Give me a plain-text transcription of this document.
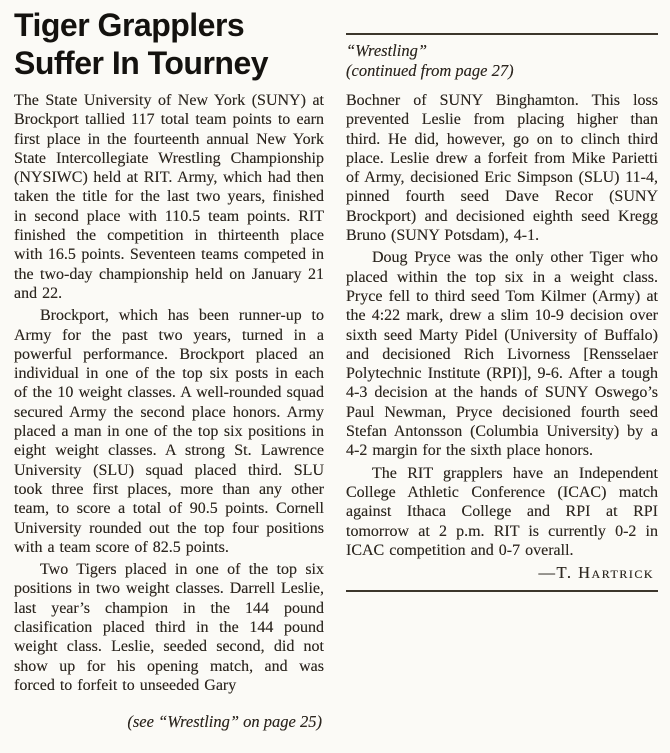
Tiger Grapplers
Suffer In Tourney

The State University of New York (SUNY) at Brockport tallied 117 total team points to earn first place in the fourteenth annual New York State Intercollegiate Wrestling Championship (NYSIWC) held at RIT. Army, which had then taken the title for the last two years, finished in second place with 110.5 team points. RIT finished the competition in thirteenth place with 16.5 points. Seventeen teams competed in the two-day championship held on January 21 and 22.

Brockport, which has been runner-up to Army for the past two years, turned in a powerful performance. Brockport placed an individual in one of the top six posts in each of the 10 weight classes. A well-rounded squad secured Army the second place honors. Army placed a man in one of the top six positions in eight weight classes. A strong St. Lawrence University (SLU) squad placed third. SLU took three first places, more than any other team, to score a total of 90.5 points. Cornell University rounded out the top four positions with a team score of 82.5 points.

Two Tigers placed in one of the top six positions in two weight classes. Darrell Leslie, last year’s champion in the 144 pound clasification placed third in the 144 pound weight class. Leslie, seeded second, did not show up for his opening match, and was forced to forfeit to unseeded Gary

(see “Wrestling” on page 25)
“Wrestling”
(continued from page 27)

Bochner of SUNY Binghamton. This loss prevented Leslie from placing higher than third. He did, however, go on to clinch third place. Leslie drew a forfeit from Mike Parietti of Army, decisioned Eric Simpson (SLU) 11-4, pinned fourth seed Dave Recor (SUNY Brockport) and decisioned eighth seed Kregg Bruno (SUNY Potsdam), 4-1.

Doug Pryce was the only other Tiger who placed within the top six in a weight class. Pryce fell to third seed Tom Kilmer (Army) at the 4:22 mark, drew a slim 10-9 decision over sixth seed Marty Pidel (University of Buffalo) and decisioned Rich Livorness [Rensselaer Polytechnic Institute (RPI)], 9-6. After a tough 4-3 decision at the hands of SUNY Oswego’s Paul Newman, Pryce decisioned fourth seed Stefan Antonsson (Columbia University) by a 4-2 margin for the sixth place honors.

The RIT grapplers have an Independent College Athletic Conference (ICAC) match against Ithaca College and RPI at RPI tomorrow at 2 p.m. RIT is currently 0-2 in ICAC competition and 0-7 overall.

—T. Hartrick
